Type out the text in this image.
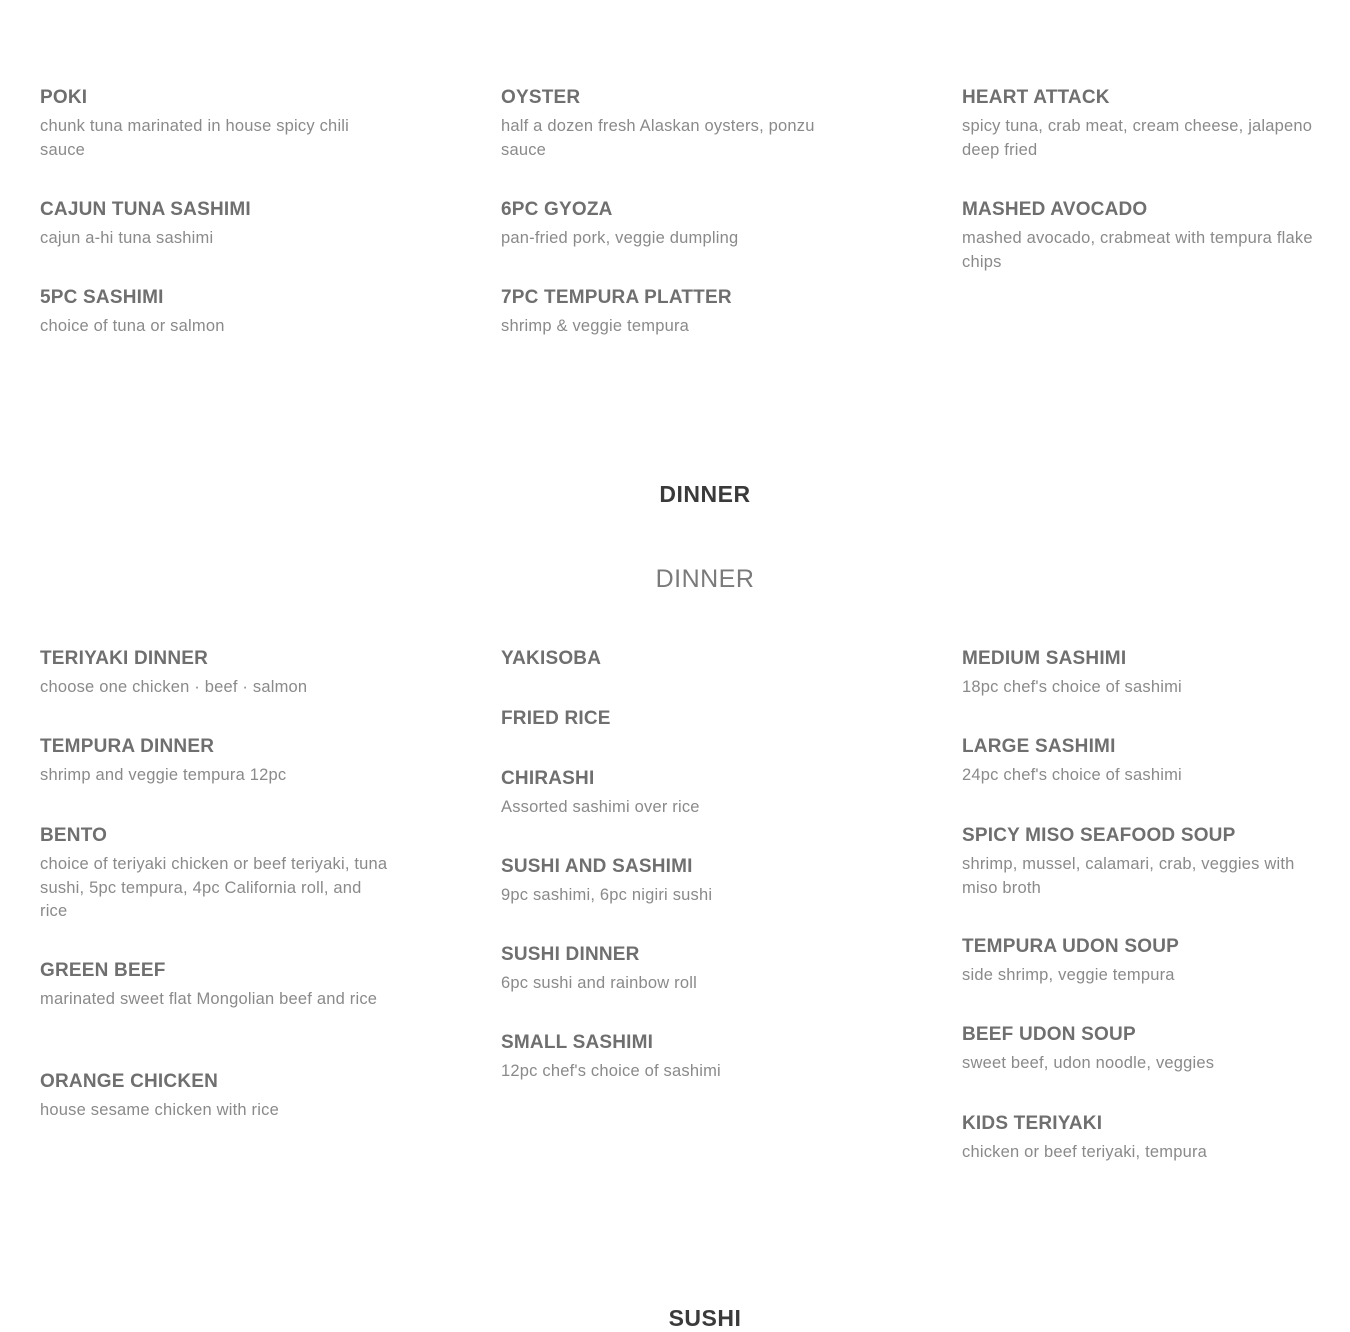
POKI

chunk tuna marinated in house spicy chili sauce

CAJUN TUNA SASHIMI

cajun a-hi tuna sashimi

5PC SASHIMI

choice of tuna or salmon

OYSTER

half a dozen fresh Alaskan oysters, ponzu sauce

6PC GYOZA

pan-fried pork, veggie dumpling

7PC TEMPURA PLATTER

shrimp & veggie tempura

HEART ATTACK

spicy tuna, crab meat, cream cheese, jalapeno deep fried

MASHED AVOCADO

mashed avocado, crabmeat with tempura flake chips

DINNER
DINNER
TERIYAKI DINNER

choose one chicken · beef · salmon

TEMPURA DINNER

shrimp and veggie tempura 12pc

BENTO

choice of teriyaki chicken or beef teriyaki, tuna sushi, 5pc tempura, 4pc California roll, and rice

GREEN BEEF

marinated sweet flat Mongolian beef and rice

ORANGE CHICKEN

house sesame chicken with rice

YAKISOBA
FRIED RICE
CHIRASHI

Assorted sashimi over rice

SUSHI AND SASHIMI

9pc sashimi, 6pc nigiri sushi

SUSHI DINNER

6pc sushi and rainbow roll

SMALL SASHIMI

12pc chef's choice of sashimi

MEDIUM SASHIMI

18pc chef's choice of sashimi

LARGE SASHIMI

24pc chef's choice of sashimi

SPICY MISO SEAFOOD SOUP

shrimp, mussel, calamari, crab, veggies with miso broth

TEMPURA UDON SOUP

side shrimp, veggie tempura

BEEF UDON SOUP

sweet beef, udon noodle, veggies

KIDS TERIYAKI

chicken or beef teriyaki, tempura

SUSHI
